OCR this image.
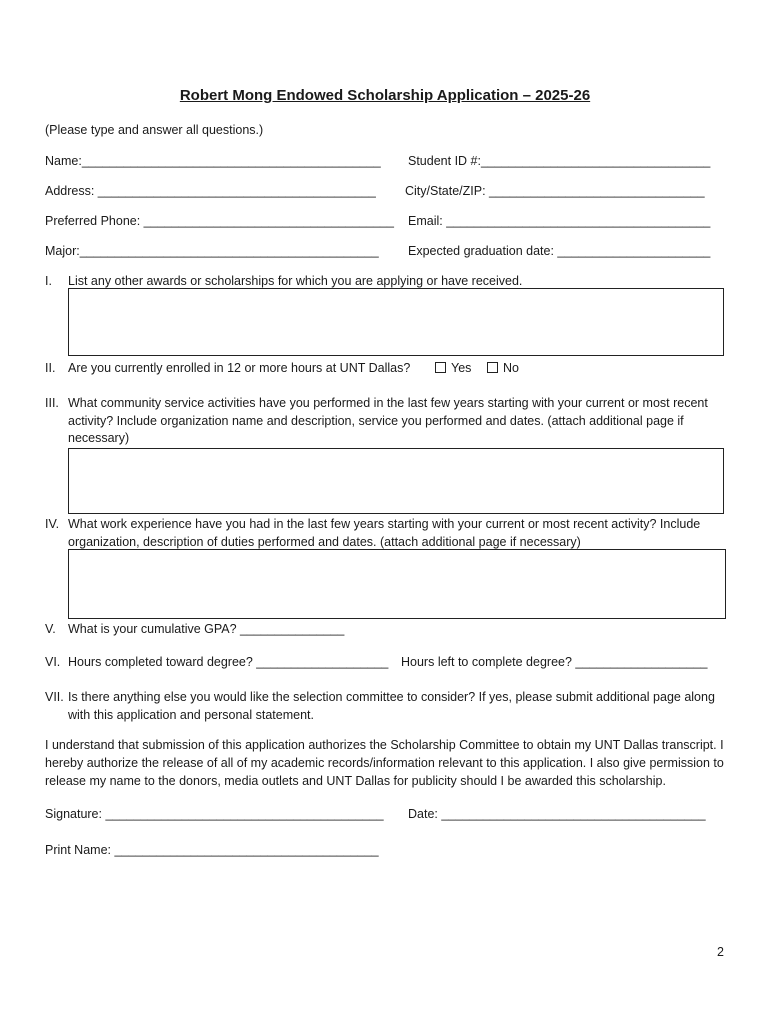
Robert Mong Endowed Scholarship Application – 2025-26
(Please type and answer all questions.)
Name:___________________________________________ Student ID #:_________________________________
Address: ________________________________________ City/State/ZIP: _______________________________
Preferred Phone: ____________________________________ Email: ______________________________________
Major:___________________________________________ Expected graduation date: ______________________
I. List any other awards or scholarships for which you are applying or have received.
II. Are you currently enrolled in 12 or more hours at UNT Dallas?	Yes	No
III. What community service activities have you performed in the last few years starting with your current or most recent activity? Include organization name and description, service you performed and dates. (attach additional page if necessary)
IV. What work experience have you had in the last few years starting with your current or most recent activity? Include organization, description of duties performed and dates. (attach additional page if necessary)
V. What is your cumulative GPA? _______________
VI. Hours completed toward degree? ___________________ Hours left to complete degree? ___________________
VII. Is there anything else you would like the selection committee to consider? If yes, please submit additional page along with this application and personal statement.
I understand that submission of this application authorizes the Scholarship Committee to obtain my UNT Dallas transcript. I hereby authorize the release of all of my academic records/information relevant to this application. I also give permission to release my name to the donors, media outlets and UNT Dallas for publicity should I be awarded this scholarship.
Signature: ________________________________________ Date: ______________________________________
Print Name: ______________________________________
2
